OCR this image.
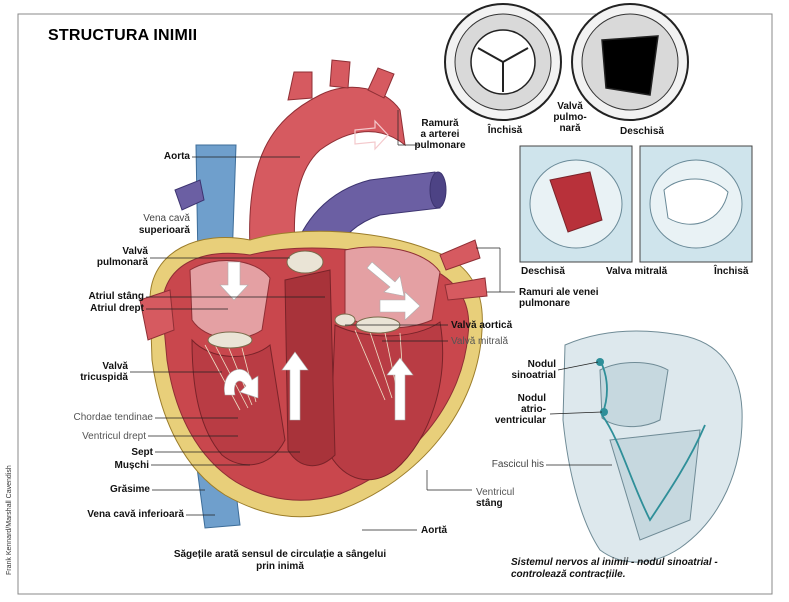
STRUCTURA INIMII
Frank Kennard/Marshall Cavendish
Aorta
Vena cavă
superioară
Valvă
pulmonară
Atriul stâng
Atriul drept
Valvă
tricuspidă
Chordae tendinae
Ventricul drept
Sept
Mușchi
Grăsime
Vena cavă inferioară
Ramură
a arterei
pulmonare
Ramuri ale venei
pulmonare
Valvă aortică
Valvă mitrală
Ventricul
stâng
Aortă
Închisă
Valvă
pulmo-
nară	Deschisă
Deschisă	Valva mitrală	Închisă
Nodul
sinoatrial
Nodul
atrio-
ventricular
Fascicul his
Săgețile arată sensul de circulație a sângelui
prin inimă	Sistemul nervos al inimii - nodul sinoatrial -
controlează contracțiile.
